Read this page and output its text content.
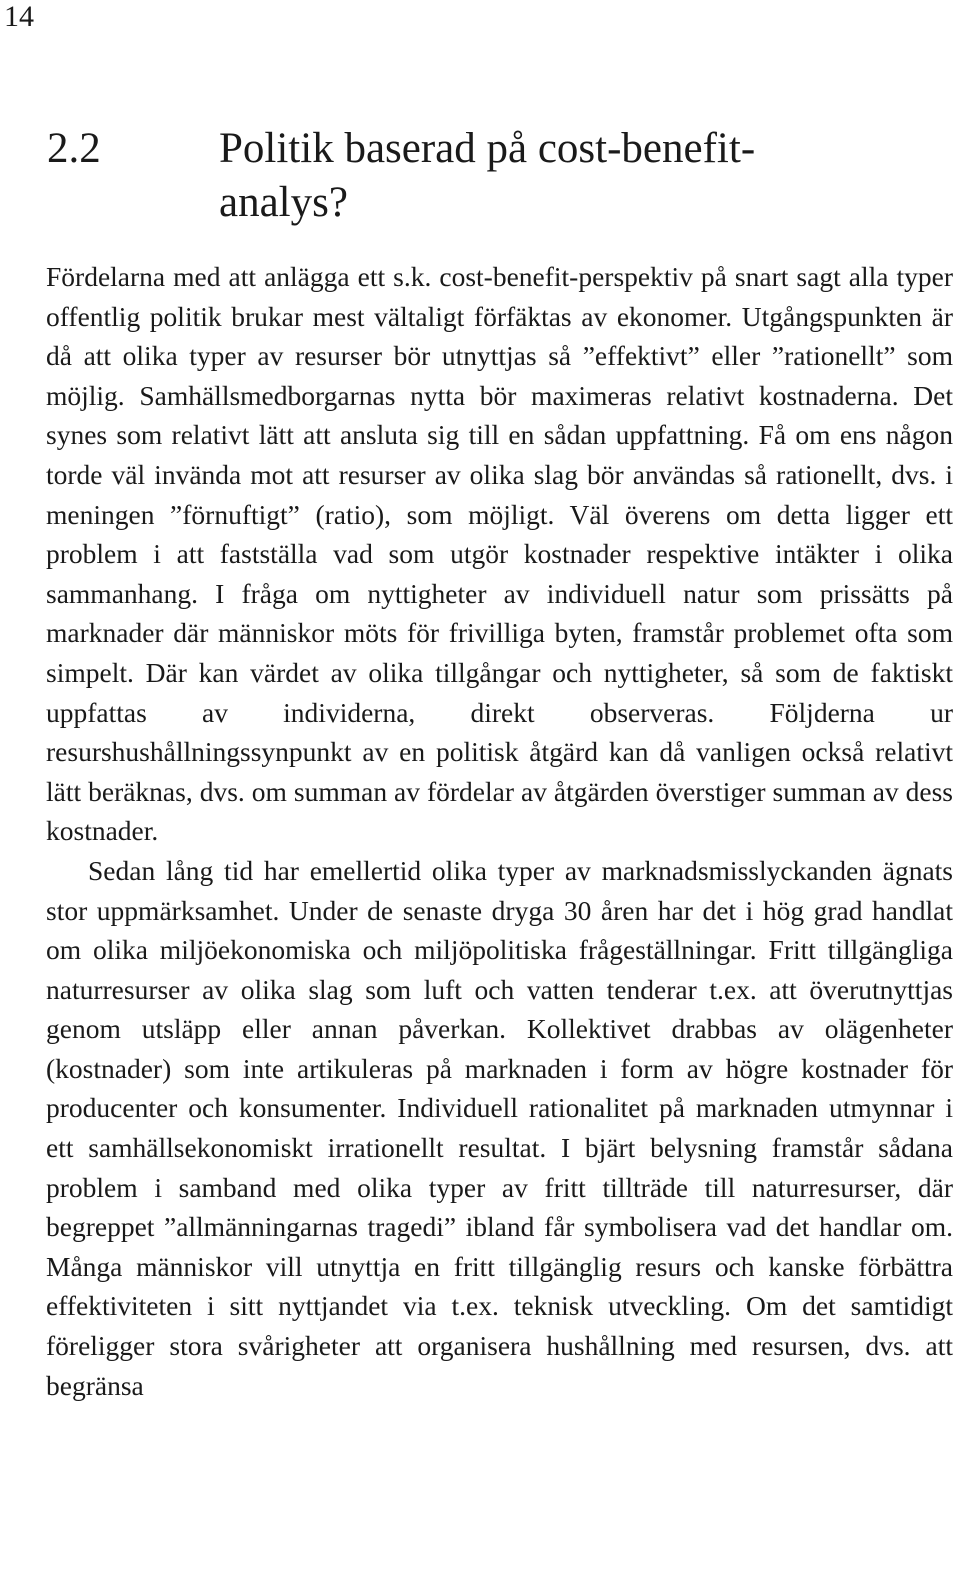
14
2.2	Politik baserad på cost-benefit-analys?

Fördelarna med att anlägga ett s.k. cost-benefit-perspektiv på snart sagt alla typer offentlig politik brukar mest vältaligt förfäktas av ekonomer. Utgångspunkten är då att olika typer av resurser bör utnyttjas så ”effektivt” eller ”rationellt” som möjlig. Samhällsmedborgarnas nytta bör maximeras relativt kostnaderna. Det synes som relativt lätt att ansluta sig till en sådan uppfattning. Få om ens någon torde väl invända mot att resurser av olika slag bör användas så rationellt, dvs. i meningen ”förnuftigt” (ratio), som möjligt. Väl överens om detta ligger ett problem i att fastställa vad som utgör kostnader respektive intäkter i olika sammanhang. I fråga om nyttigheter av individuell natur som prissätts på marknader där människor möts för frivilliga byten, framstår problemet ofta som simpelt. Där kan värdet av olika tillgångar och nyttigheter, så som de faktiskt uppfattas av individerna, direkt observeras. Följderna ur resurshushållningssynpunkt av en politisk åtgärd kan då vanligen också relativt lätt beräknas, dvs. om summan av fördelar av åtgärden överstiger summan av dess kostnader.

Sedan lång tid har emellertid olika typer av marknadsmisslyckanden ägnats stor uppmärksamhet. Under de senaste dryga 30 åren har det i hög grad handlat om olika miljöekonomiska och miljöpolitiska frågeställningar. Fritt tillgängliga naturresurser av olika slag som luft och vatten tenderar t.ex. att överutnyttjas genom utsläpp eller annan påverkan. Kollektivet drabbas av olägenheter (kostnader) som inte artikuleras på marknaden i form av högre kostnader för producenter och konsumenter. Individuell rationalitet på marknaden utmynnar i ett samhällsekonomiskt irrationellt resultat. I bjärt belysning framstår sådana problem i samband med olika typer av fritt tillträde till naturresurser, där begreppet ”allmänningarnas tragedi” ibland får symbolisera vad det handlar om. Många människor vill utnyttja en fritt tillgänglig resurs och kanske förbättra effektiviteten i sitt nyttjandet via t.ex. teknisk utveckling. Om det samtidigt föreligger stora svårigheter att organisera hushållning med resursen, dvs. att begränsa
